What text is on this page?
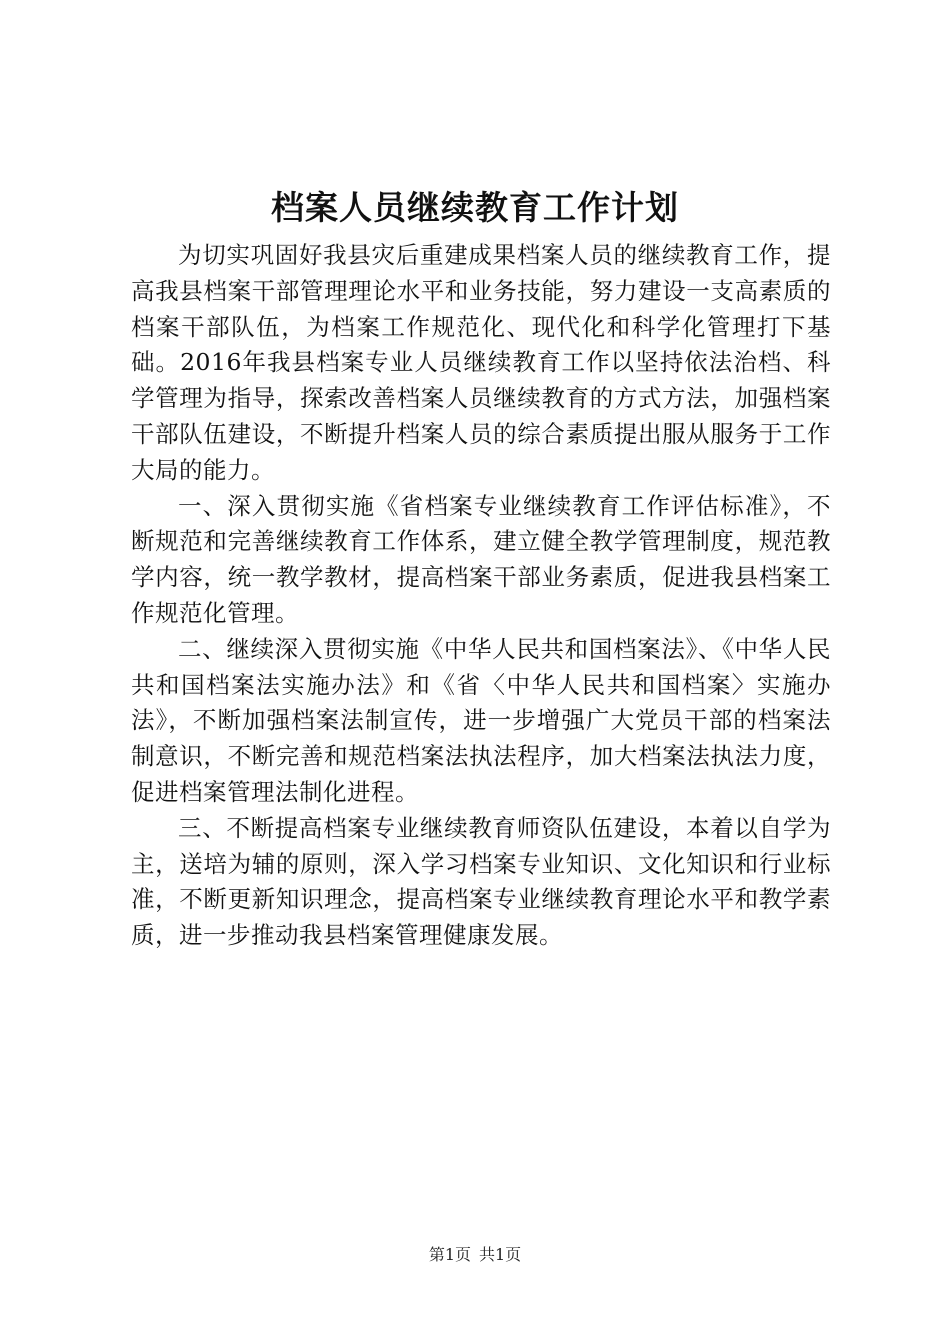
档案人员继续教育工作计划

为切实巩固好我县灾后重建成果档案人员的继续教育工作，提高我县档案干部管理理论水平和业务技能，努力建设一支高素质的档案干部队伍，为档案工作规范化、现代化和科学化管理打下基础。2016年我县档案专业人员继续教育工作以坚持依法治档、科学管理为指导，探索改善档案人员继续教育的方式方法，加强档案干部队伍建设，不断提升档案人员的综合素质提出服从服务于工作大局的能力。

一、深入贯彻实施《省档案专业继续教育工作评估标准》，不断规范和完善继续教育工作体系，建立健全教学管理制度，规范教学内容，统一教学教材，提高档案干部业务素质，促进我县档案工作规范化管理。

二、继续深入贯彻实施《中华人民共和国档案法》、《中华人民共和国档案法实施办法》和《省〈中华人民共和国档案〉实施办法》，不断加强档案法制宣传，进一步增强广大党员干部的档案法制意识，不断完善和规范档案法执法程序，加大档案法执法力度，促进档案管理法制化进程。

三、不断提高档案专业继续教育师资队伍建设，本着以自学为主，送培为辅的原则，深入学习档案专业知识、文化知识和行业标准，不断更新知识理念，提高档案专业继续教育理论水平和教学素质，进一步推动我县档案管理健康发展。

第1页 共1页
